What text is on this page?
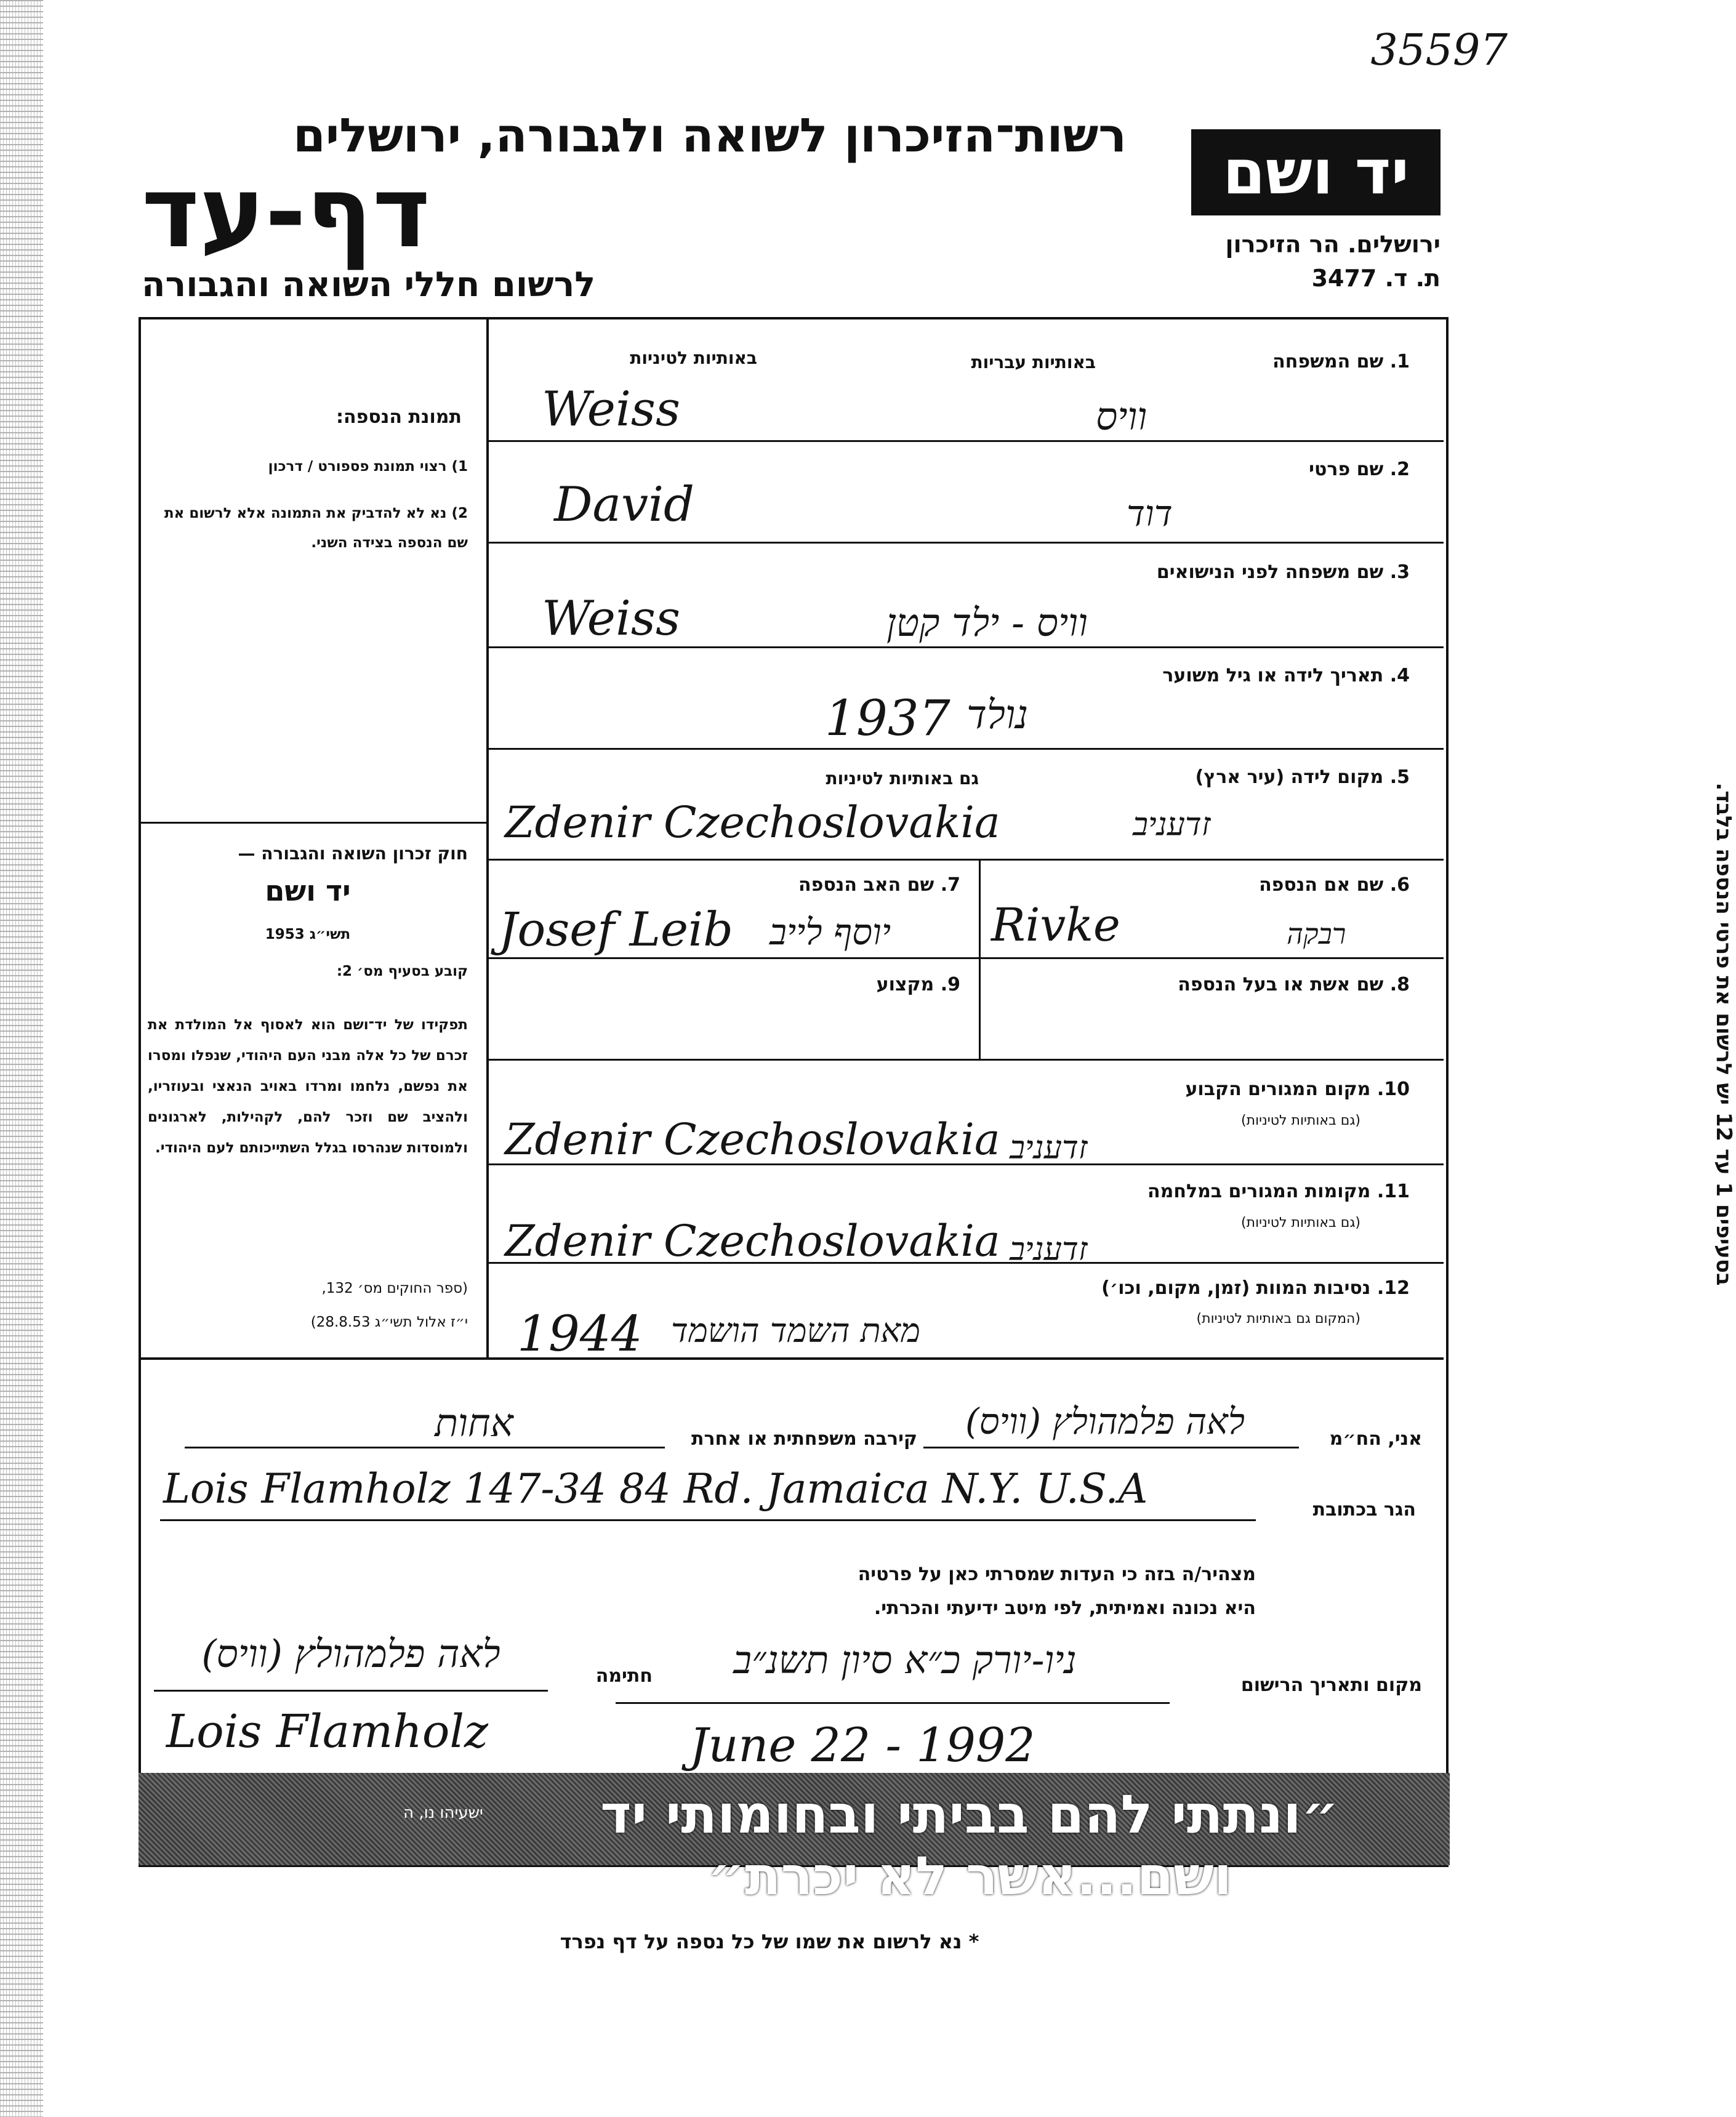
35597
רשות־הזיכרון לשואה ולגבורה, ירושלים
דף-עד
לרשום חללי השואה והגבורה
יד ושם
ירושלים. הר הזיכרון
ת. ד. 3477
תמונת הנספה:
1) רצוי תמונת פספורט / דרכון
2) נא לא להדביק את התמונה אלא לרשום את שם הנספה בצידה השני.
חוק זכרון השואה והגבורה —
יד ושם
תשי״ג 1953
קובע בסעיף מס׳ 2:
תפקידו של יד־ושם הוא לאסוף אל המולדת את זכרם של כל אלה מבני העם היהודי, שנפלו ומסרו את נפשם, נלחמו ומרדו באויב הנאצי ובעוזריו, ולהציב שם וזכר להם, לקהילות, לארגונים ולמוסדות שנהרסו בגלל השתייכותם לעם היהודי.
(ספר החוקים מס׳ 132,
י״ז אלול תשי״ג 28.8.53)
בסעיפים 1 עד 12 יש לרשום את פרטי הנספה בלבד.
1. שם המשפחה
באותיות עבריות
באותיות לטיניות
Weiss	וויס
2. שם פרטי
David	דוד
3. שם משפחה לפני הנישואים
Weiss	וויס - ילד קטן
4. תאריך לידה או גיל משוער
1937 נולד
5. מקום לידה (עיר ארץ)
גם באותיות לטיניות
Zdenir Czechoslovakia	זדעניב
6. שם אם הנספה
Rivke	רבקה
7. שם האב הנספה
Josef Leib יוסף לייב
8. שם אשת או בעל הנספה
9. מקצוע
10. מקום המגורים הקבוע
(גם באותיות לטיניות)
Zdenir Czechoslovakia זדעניב
11. מקומות המגורים במלחמה
(גם באותיות לטיניות)
Zdenir Czechoslovakia זדעניב
12. נסיבות המוות (זמן, מקום, וכו׳)
(המקום גם באותיות לטיניות)
1944 מאת השמד הושמד
אני, הח״מ
לאה פלמהולץ (וויס)
קירבה משפחתית או אחרת
אחות
Lois Flamholz 147-34 84 Rd. Jamaica N.Y. U.S.A	הגר בכתובת
מצהיר/ה בזה כי העדות שמסרתי כאן על פרטיה
היא נכונה ואמיתית, לפי מיטב ידיעתי והכרתי.
מקום ותאריך הרישום
ניו-יורק כ״א סיון תשנ״ב
June 22 - 1992
חתימה
לאה פלמהולץ (וויס)
Lois Flamholz
״ונתתי להם בביתי ובחומותי יד ושם...אשר לא יכרת״
ישעיהו נו, ה
* נא לרשום את שמו של כל נספה על דף נפרד
